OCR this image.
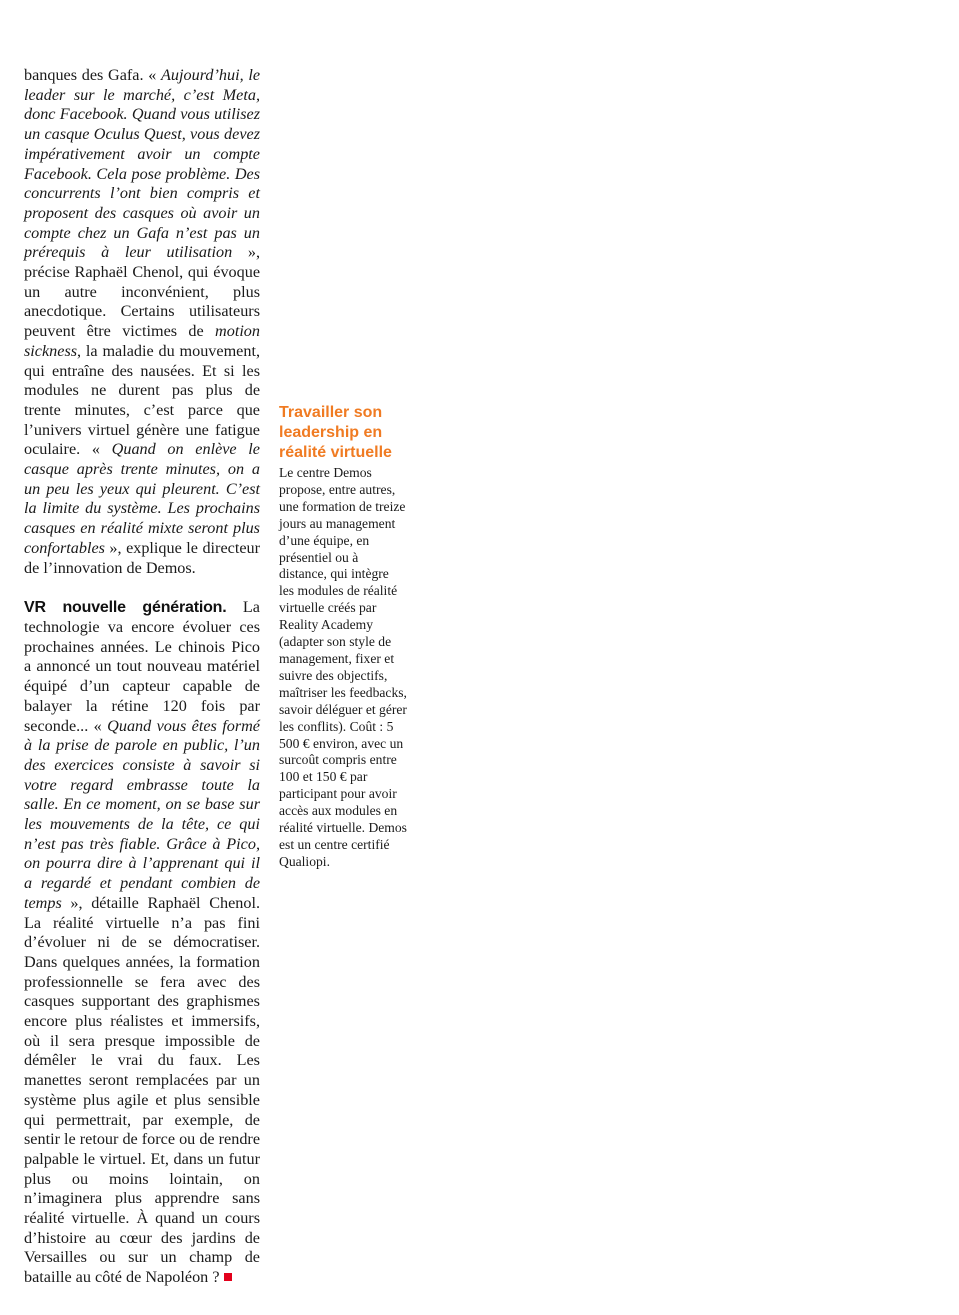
banques des Gafa. « Aujourd’hui, le leader sur le marché, c’est Meta, donc Facebook. Quand vous utilisez un casque Oculus Quest, vous devez impérativement avoir un compte Facebook. Cela pose problème. Des concurrents l’ont bien compris et proposent des casques où avoir un compte chez un Gafa n’est pas un prérequis à leur utilisation », précise Raphaël Chenol, qui évoque un autre inconvénient, plus anecdotique. Certains utilisateurs peuvent être victimes de motion sickness, la maladie du mouvement, qui entraîne des nausées. Et si les modules ne durent pas plus de trente minutes, c’est parce que l’univers virtuel génère une fatigue oculaire. « Quand on enlève le casque après trente minutes, on a un peu les yeux qui pleurent. C’est la limite du système. Les prochains casques en réalité mixte seront plus confortables », explique le directeur de l’innovation de Demos.

VR nouvelle génération. La technologie va encore évoluer ces prochaines années. Le chinois Pico a annoncé un tout nouveau matériel équipé d’un capteur capable de balayer la rétine 120 fois par seconde... « Quand vous êtes formé à la prise de parole en public, l’un des exercices consiste à savoir si votre regard embrasse toute la salle. En ce moment, on se base sur les mouvements de la tête, ce qui n’est pas très fiable. Grâce à Pico, on pourra dire à l’apprenant qui il a regardé et pendant combien de temps », détaille Raphaël Chenol. La réalité virtuelle n’a pas fini d’évoluer ni de se démocratiser. Dans quelques années, la formation professionnelle se fera avec des casques supportant des graphismes encore plus réalistes et immersifs, où il sera presque impossible de démêler le vrai du faux. Les manettes seront remplacées par un système plus agile et plus sensible qui permettrait, par exemple, de sentir le retour de force ou de rendre palpable le virtuel. Et, dans un futur plus ou moins lointain, on n’imaginera plus apprendre sans réalité virtuelle. À quand un cours d’histoire au cœur des jardins de Versailles ou sur un champ de bataille au côté de Napoléon ?

Travailler son leadership en réalité virtuelle

Le centre Demos propose, entre autres, une formation de treize jours au management d’une équipe, en présentiel ou à distance, qui intègre les modules de réalité virtuelle créés par Reality Academy (adapter son style de management, fixer et suivre des objectifs, maîtriser les feedbacks, savoir déléguer et gérer les conflits). Coût : 5 500 € environ, avec un surcoût compris entre 100 et 150 € par participant pour avoir accès aux modules en réalité virtuelle. Demos est un centre certifié Qualiopi.
